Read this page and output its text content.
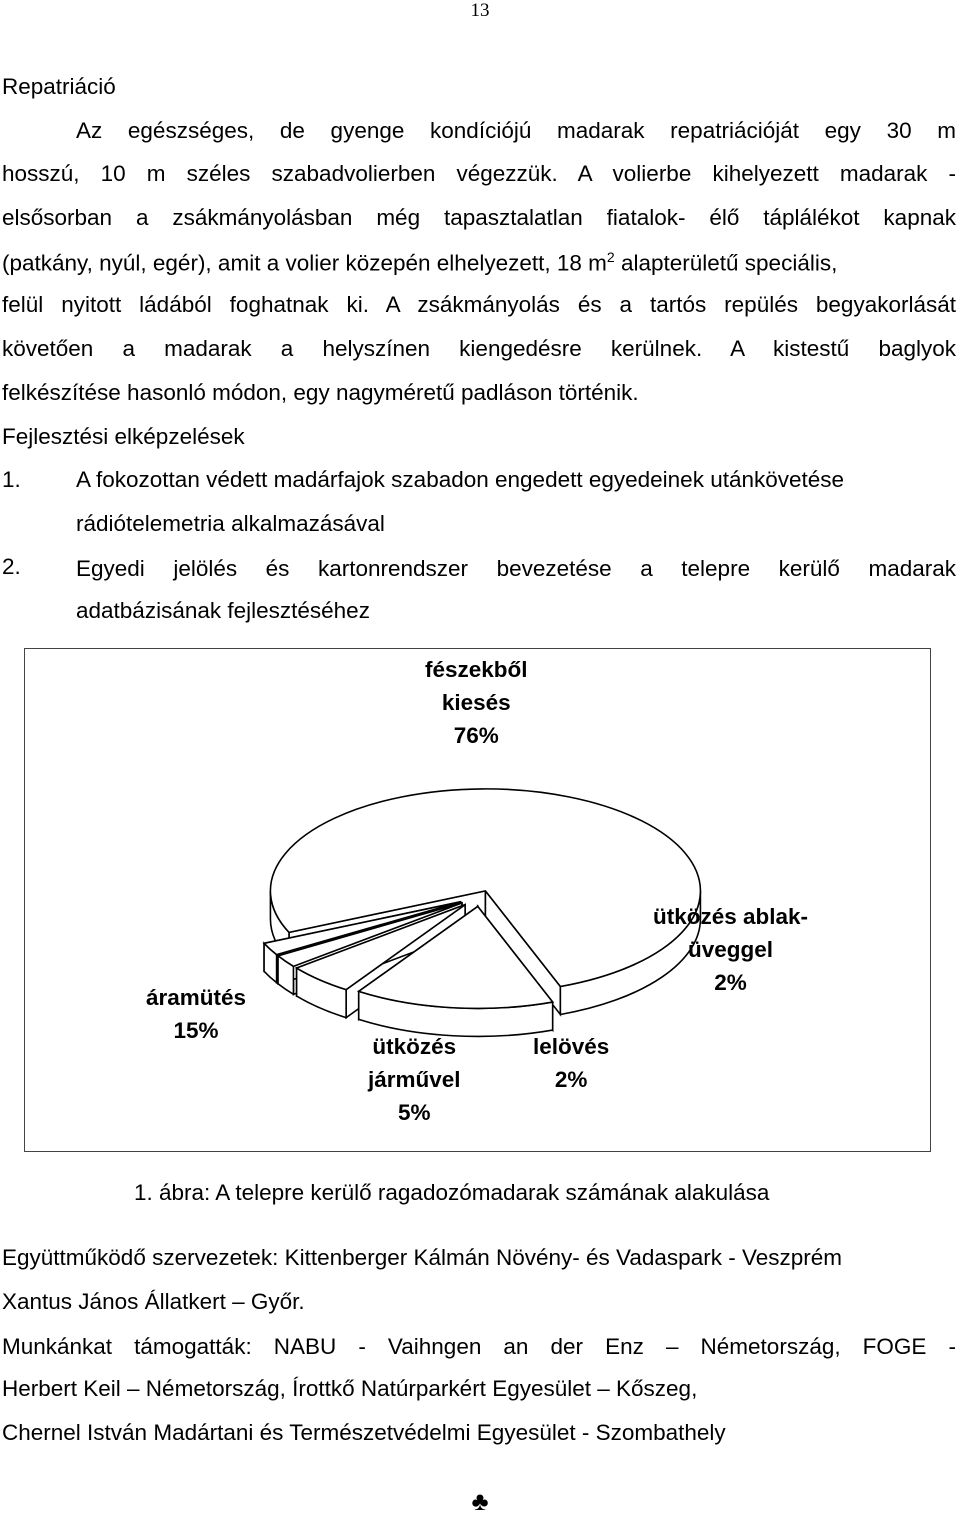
13
Repatriáció
Az egészséges, de gyenge kondíciójú madarak repatriációját egy 30 m
hosszú, 10 m széles szabadvolierben végezzük. A volierbe kihelyezett madarak -
elsősorban a zsákmányolásban még tapasztalatlan fiatalok- élő táplálékot kapnak
(patkány, nyúl, egér), amit a volier közepén elhelyezett, 18 $m^2$ alapterületű speciális,
felül nyitott ládából foghatnak ki. A zsákmányolás és a tartós repülés begyakorlását
követően a madarak a helyszínen kiengedésre kerülnek. A kistestű baglyok
felkészítése hasonló módon, egy nagyméretű padláson történik.
Fejlesztési elképzelések
1. A fokozottan védett madárfajok szabadon engedett egyedeinek utánkövetése
rádiótelemetria alkalmazásával
2. Egyedi jelölés és kartonrendszer bevezetése a telepre kerülő madarak
adatbázisának fejlesztéséhez
fészekből
kiesés
76%
áramütés
15%
ütközés
járművel
5%
lelövés
2%
ütközés ablak-
üveggel
2%
1. ábra: A telepre kerülő ragadozómadarak számának alakulása
Együttműködő szervezetek: Kittenberger Kálmán Növény- és Vadaspark - Veszprém
Xantus János Állatkert – Győr.
Munkánkat támogatták: NABU - Vaihngen an der Enz – Németország, FOGE -
Herbert Keil – Németország, Írottkő Natúrparkért Egyesület – Kőszeg,
Chernel István Madártani és Természetvédelmi Egyesület - Szombathely
♣
